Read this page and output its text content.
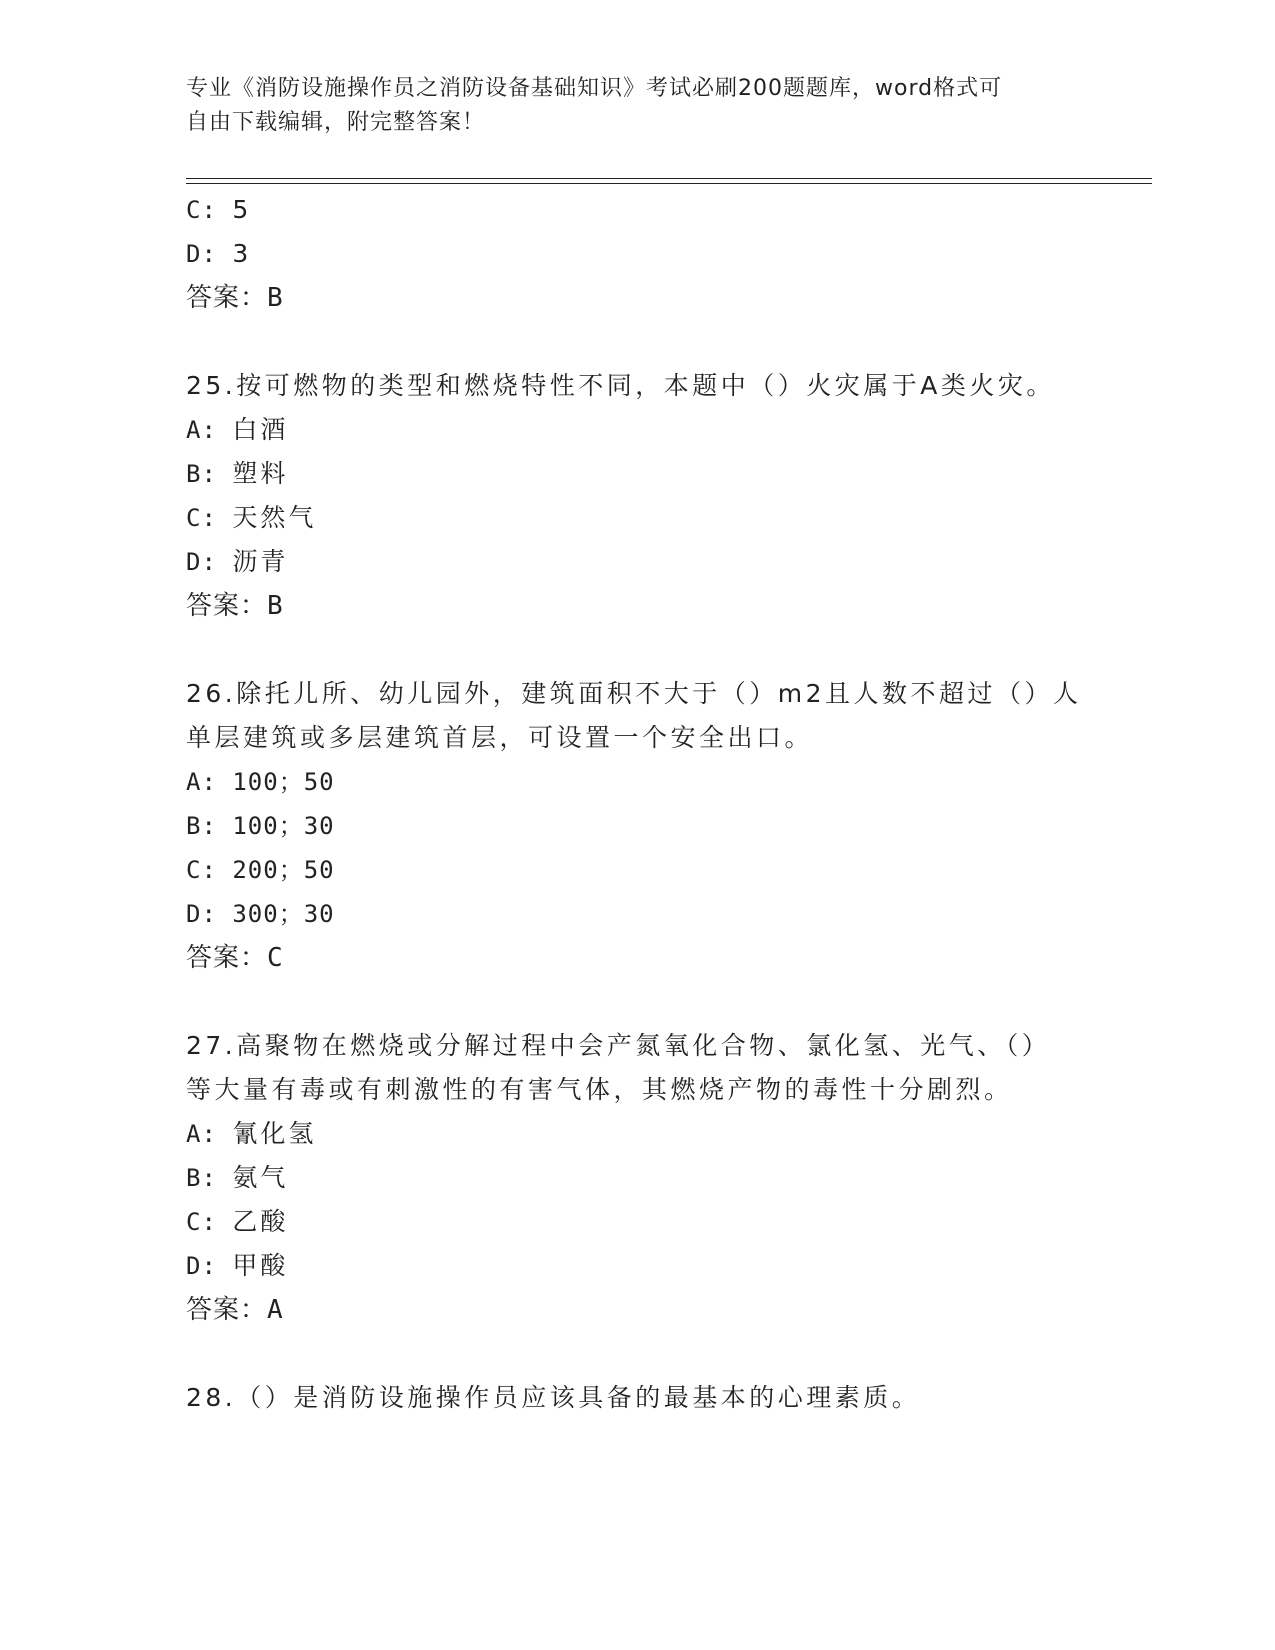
专业《消防设施操作员之消防设备基础知识》考试必刷200题题库，word格式可
自由下载编辑，附完整答案！
C: 5
D: 3
答案：B
25.按可燃物的类型和燃烧特性不同，本题中（）火灾属于A类火灾。
A: 白酒
B: 塑料
C: 天然气
D: 沥青
答案：B
26.除托儿所、幼儿园外，建筑面积不大于（）m2且人数不超过（）人
单层建筑或多层建筑首层，可设置一个安全出口。
A: 100；50
B: 100；30
C: 200；50
D: 300；30
答案：C
27.高聚物在燃烧或分解过程中会产氮氧化合物、氯化氢、光气、（）
等大量有毒或有刺激性的有害气体，其燃烧产物的毒性十分剧烈。
A: 氰化氢
B: 氨气
C: 乙酸
D: 甲酸
答案：A
28.（）是消防设施操作员应该具备的最基本的心理素质。
